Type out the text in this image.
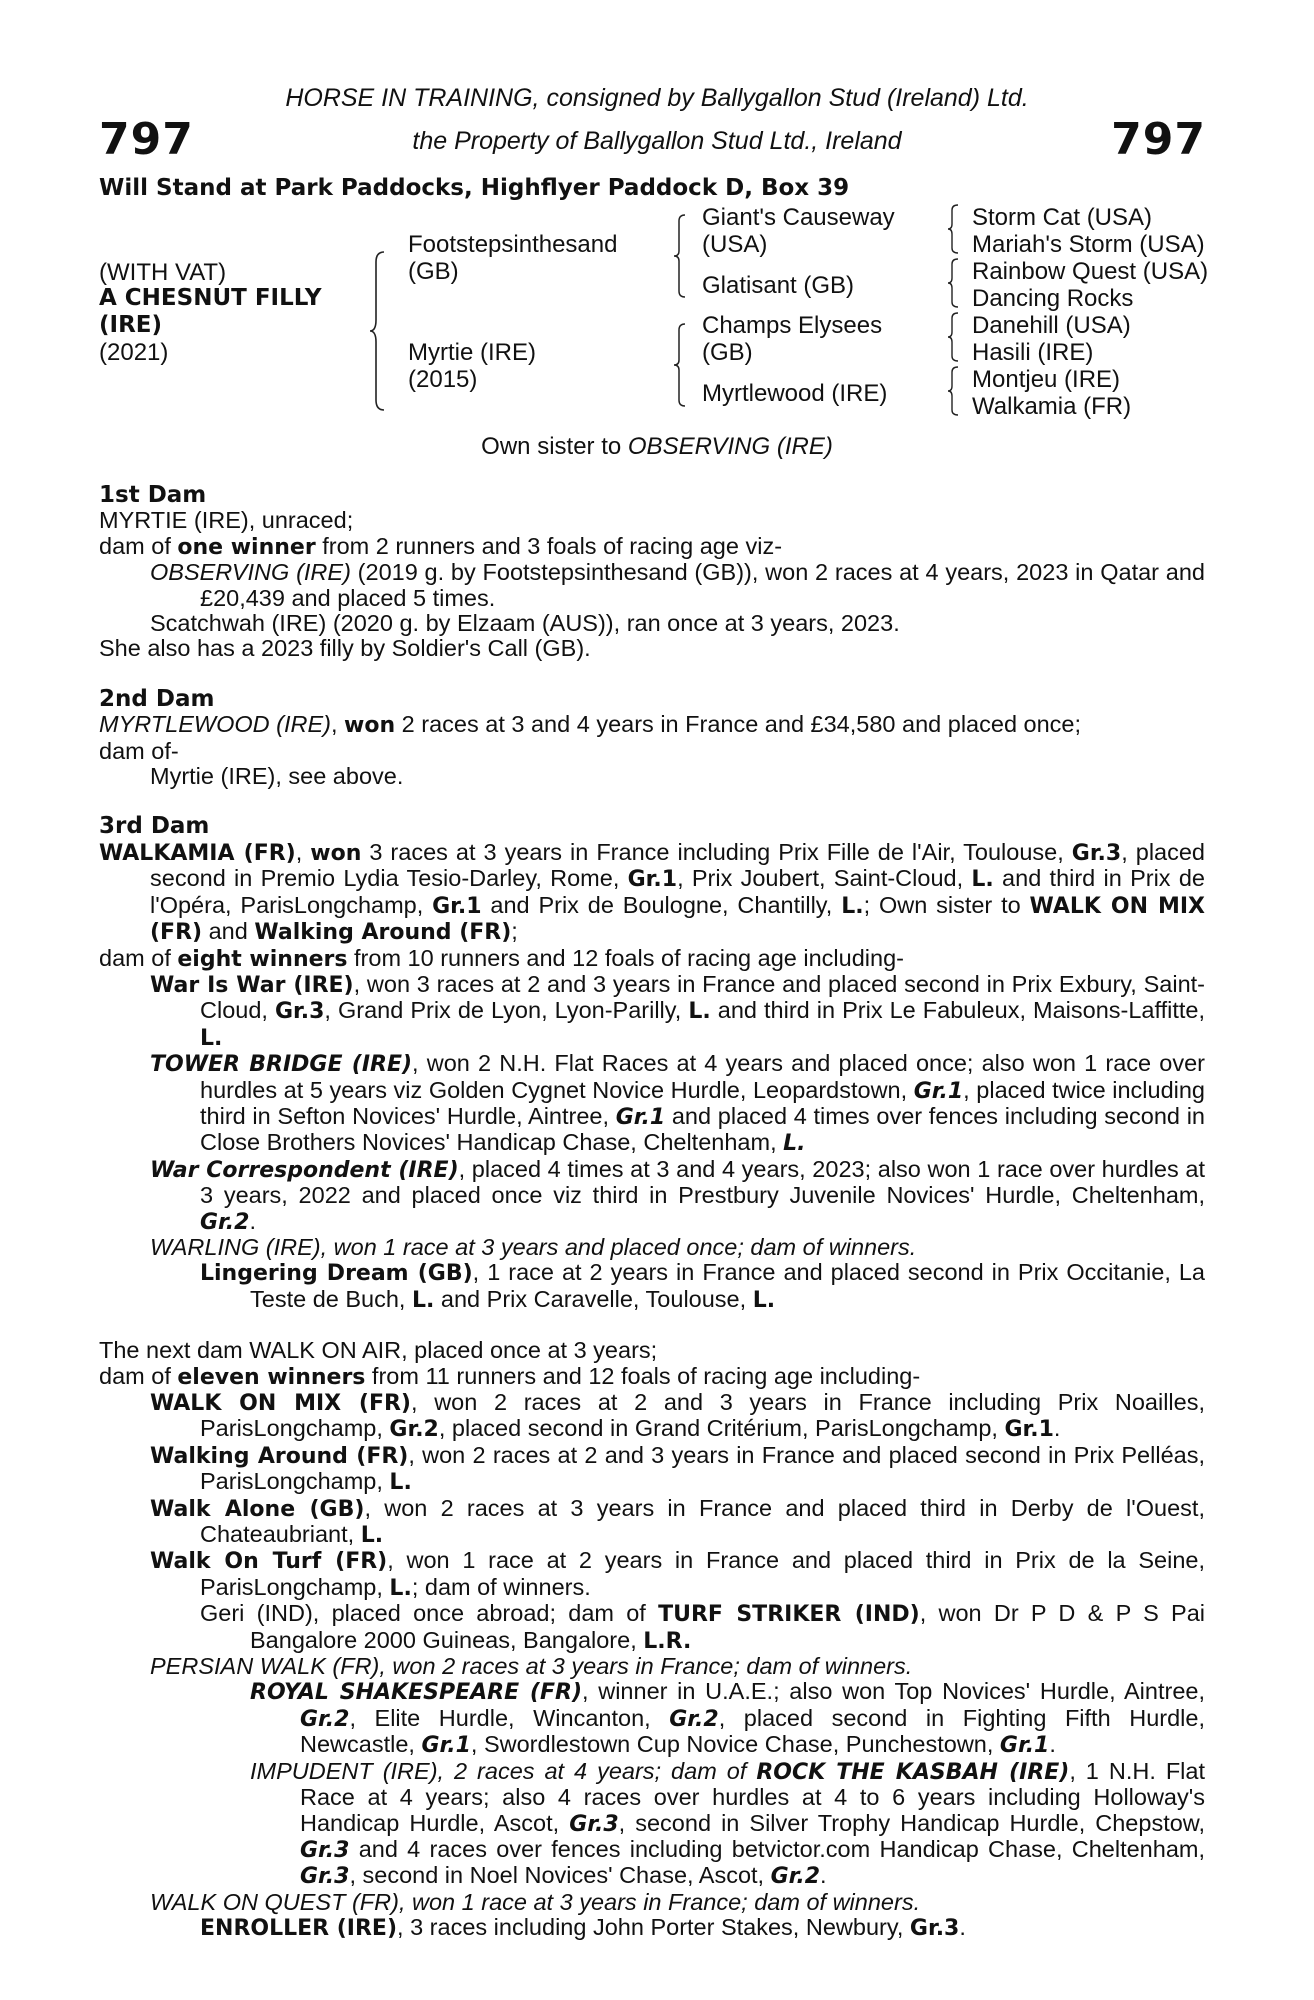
797	797
HORSE IN TRAINING, consigned by Ballygallon Stud (Ireland) Ltd.
the Property of Ballygallon Stud Ltd., Ireland
Will Stand at Park Paddocks, Highflyer Paddock D, Box 39
(WITH VAT)
A CHESNUT FILLY
(IRE)
(2021)
Footstepsinthesand
(GB)
Myrtie (IRE)
(2015)
Giant's Causeway
(USA)
Glatisant (GB)
Champs Elysees
(GB)
Myrtlewood (IRE)
Storm Cat (USA)
Mariah's Storm (USA)
Rainbow Quest (USA)
Dancing Rocks
Danehill (USA)
Hasili (IRE)
Montjeu (IRE)
Walkamia (FR)
Own sister to OBSERVING (IRE)
1st Dam

MYRTIE (IRE), unraced;

dam of one winner from 2 runners and 3 foals of racing age viz-

OBSERVING (IRE) (2019 g. by Footstepsinthesand (GB)), won 2 races at 4 years, 2023 in Qatar and £20,439 and placed 5 times.

Scatchwah (IRE) (2020 g. by Elzaam (AUS)), ran once at 3 years, 2023.

She also has a 2023 filly by Soldier's Call (GB).

2nd Dam

MYRTLEWOOD (IRE), won 2 races at 3 and 4 years in France and £34,580 and placed once;

dam of-

Myrtie (IRE), see above.

3rd Dam

WALKAMIA (FR), won 3 races at 3 years in France including Prix Fille de l'Air, Toulouse, Gr.3, placed second in Premio Lydia Tesio-Darley, Rome, Gr.1, Prix Joubert, Saint-Cloud, L. and third in Prix de l'Opéra, ParisLongchamp, Gr.1 and Prix de Boulogne, Chantilly, L.; Own sister to WALK ON MIX (FR) and Walking Around (FR);

dam of eight winners from 10 runners and 12 foals of racing age including-

War Is War (IRE), won 3 races at 2 and 3 years in France and placed second in Prix Exbury, Saint-Cloud, Gr.3, Grand Prix de Lyon, Lyon-Parilly, L. and third in Prix Le Fabuleux, Maisons-Laffitte, L.

TOWER BRIDGE (IRE), won 2 N.H. Flat Races at 4 years and placed once; also won 1 race over hurdles at 5 years viz Golden Cygnet Novice Hurdle, Leopardstown, Gr.1, placed twice including third in Sefton Novices' Hurdle, Aintree, Gr.1 and placed 4 times over fences including second in Close Brothers Novices' Handicap Chase, Cheltenham, L.

War Correspondent (IRE), placed 4 times at 3 and 4 years, 2023; also won 1 race over hurdles at 3 years, 2022 and placed once viz third in Prestbury Juvenile Novices' Hurdle, Cheltenham, Gr.2.

WARLING (IRE), won 1 race at 3 years and placed once; dam of winners.

Lingering Dream (GB), 1 race at 2 years in France and placed second in Prix Occitanie, La Teste de Buch, L. and Prix Caravelle, Toulouse, L.

The next dam WALK ON AIR, placed once at 3 years;

dam of eleven winners from 11 runners and 12 foals of racing age including-

WALK ON MIX (FR), won 2 races at 2 and 3 years in France including Prix Noailles, ParisLongchamp, Gr.2, placed second in Grand Critérium, ParisLongchamp, Gr.1.

Walking Around (FR), won 2 races at 2 and 3 years in France and placed second in Prix Pelléas, ParisLongchamp, L.

Walk Alone (GB), won 2 races at 3 years in France and placed third in Derby de l'Ouest, Chateaubriant, L.

Walk On Turf (FR), won 1 race at 2 years in France and placed third in Prix de la Seine, ParisLongchamp, L.; dam of winners.

Geri (IND), placed once abroad; dam of TURF STRIKER (IND), won Dr P D & P S Pai Bangalore 2000 Guineas, Bangalore, L.R.

PERSIAN WALK (FR), won 2 races at 3 years in France; dam of winners.

ROYAL SHAKESPEARE (FR), winner in U.A.E.; also won Top Novices' Hurdle, Aintree, Gr.2, Elite Hurdle, Wincanton, Gr.2, placed second in Fighting Fifth Hurdle, Newcastle, Gr.1, Swordlestown Cup Novice Chase, Punchestown, Gr.1.

IMPUDENT (IRE), 2 races at 4 years; dam of ROCK THE KASBAH (IRE), 1 N.H. Flat Race at 4 years; also 4 races over hurdles at 4 to 6 years including Holloway's Handicap Hurdle, Ascot, Gr.3, second in Silver Trophy Handicap Hurdle, Chepstow, Gr.3 and 4 races over fences including betvictor.com Handicap Chase, Cheltenham, Gr.3, second in Noel Novices' Chase, Ascot, Gr.2.

WALK ON QUEST (FR), won 1 race at 3 years in France; dam of winners.

ENROLLER (IRE), 3 races including John Porter Stakes, Newbury, Gr.3.
